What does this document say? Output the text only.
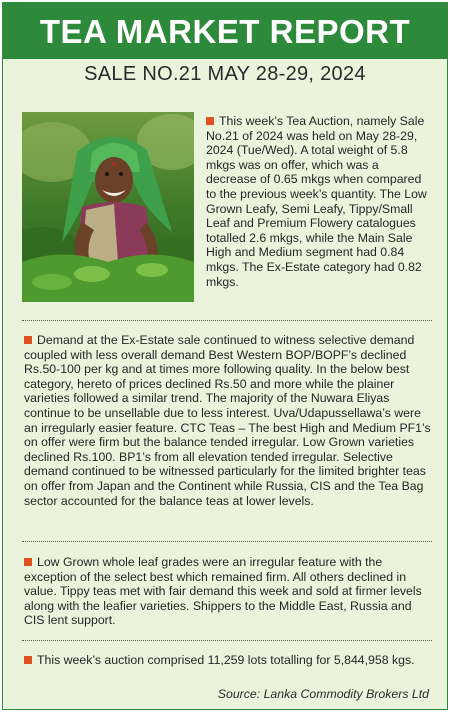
TEA MARKET REPORT
SALE NO.21 MAY 28-29, 2024

This week’s Tea Auction, namely Sale No.21 of 2024 was held on May 28-29, 2024 (Tue/Wed). A total weight of 5.8 mkgs was on offer, which was a decrease of 0.65 mkgs when compared to the previous week’s quantity. The Low Grown Leafy, Semi Leafy, Tippy/Small Leaf and Premium Flowery catalogues totalled 2.6 mkgs, while the Main Sale High and Medium segment had 0.84 mkgs. The Ex-Estate category had 0.82 mkgs.

Demand at the Ex-Estate sale continued to witness selective demand coupled with less overall demand Best Western BOP/BOPF’s declined Rs.50-100 per kg and at times more following quality. In the below best category, hereto of prices declined Rs.50 and more while the plainer varieties followed a similar trend. The majority of the Nuwara Eliyas continue to be unsellable due to less interest. Uva/Udapussellawa’s were an irregularly easier feature. CTC Teas – The best High and Medium PF1’s on offer were firm but the balance tended irregular. Low Grown varieties declined Rs.100. BP1’s from all elevation tended irregular. Selective demand continued to be witnessed particularly for the limited brighter teas on offer from Japan and the Continent while Russia, CIS and the Tea Bag sector accounted for the balance teas at lower levels.

Low Grown whole leaf grades were an irregular feature with the exception of the select best which remained firm. All others declined in value. Tippy teas met with fair demand this week and sold at firmer levels along with the leafier varieties. Shippers to the Middle East, Russia and CIS lent support.

This week’s auction comprised 11,259 lots totalling for 5,844,958 kgs.

Source: Lanka Commodity Brokers Ltd
